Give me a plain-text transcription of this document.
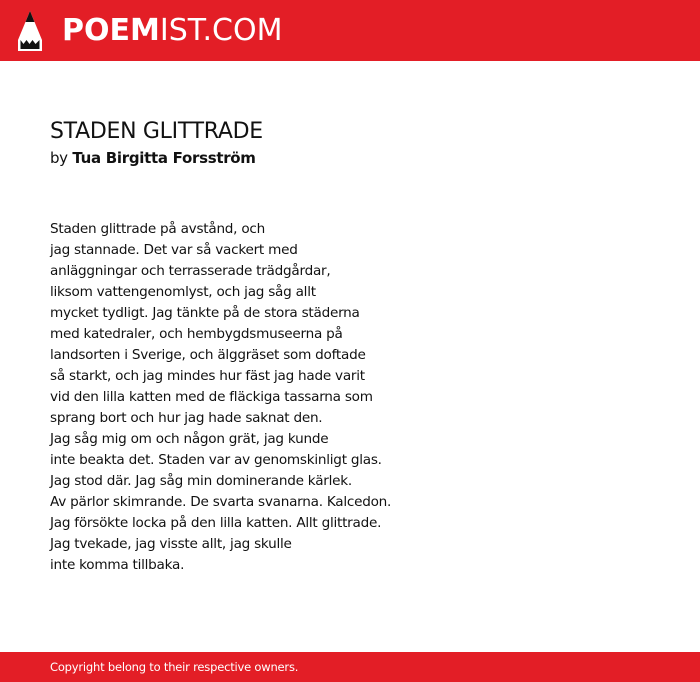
POEMIST.COM
STADEN GLITTRADE
by Tua Birgitta Forsström
Staden glittrade på avstånd, och
jag stannade. Det var så vackert med
anläggningar och terrasserade trädgårdar,
liksom vattengenomlyst, och jag såg allt
mycket tydligt. Jag tänkte på de stora städerna
med katedraler, och hembygdsmuseerna på
landsorten i Sverige, och älggräset som doftade
så starkt, och jag mindes hur fäst jag hade varit
vid den lilla katten med de fläckiga tassarna som
sprang bort och hur jag hade saknat den.
Jag såg mig om och någon grät, jag kunde
inte beakta det. Staden var av genomskinligt glas.
Jag stod där. Jag såg min dominerande kärlek.
Av pärlor skimrande. De svarta svanarna. Kalcedon.
Jag försökte locka på den lilla katten. Allt glittrade.
Jag tvekade, jag visste allt, jag skulle
inte komma tillbaka.
Copyright belong to their respective owners.
